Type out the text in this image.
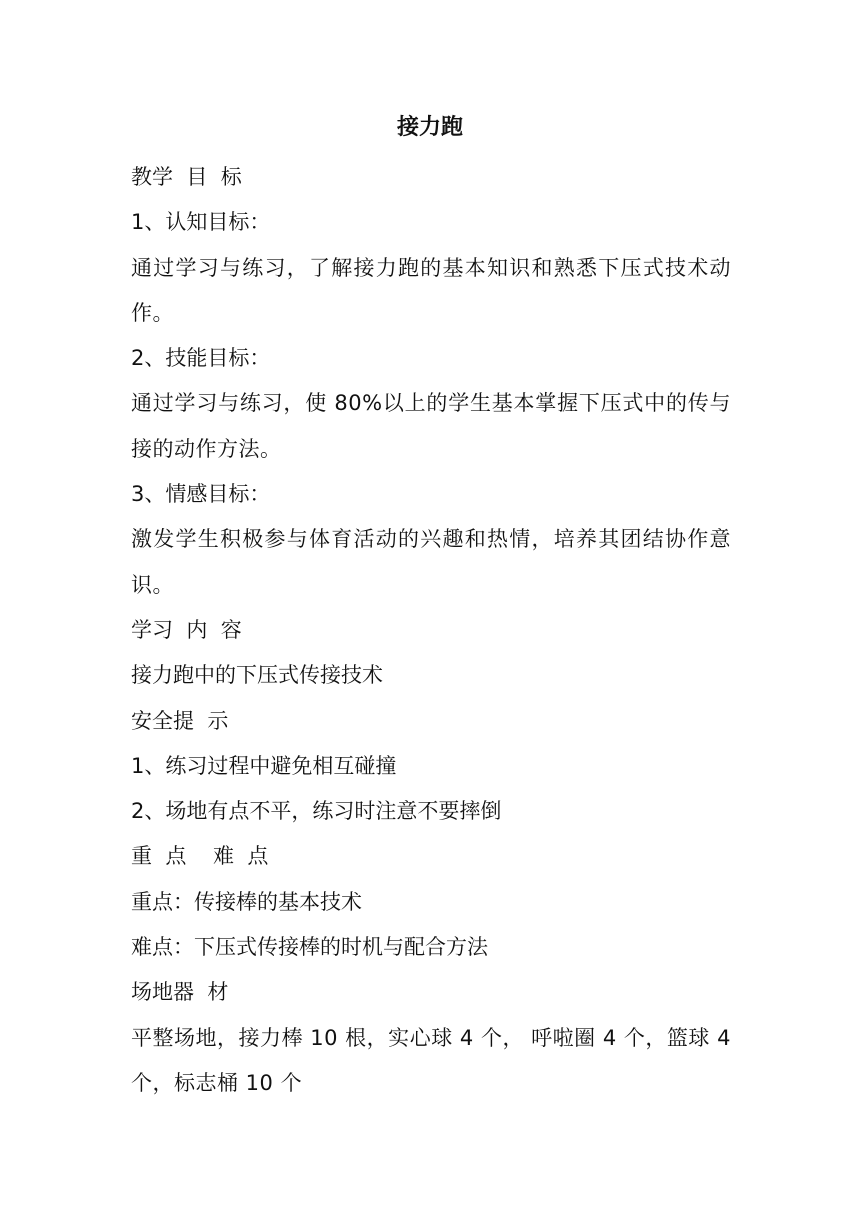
接力跑

教学  目  标

1、认知目标：

通过学习与练习，了解接力跑的基本知识和熟悉下压式技术动作。

2、技能目标：

通过学习与练习，使 80%以上的学生基本掌握下压式中的传与接的动作方法。

3、情感目标：

激发学生积极参与体育活动的兴趣和热情，培养其团结协作意识。

学习  内  容

接力跑中的下压式传接技术

安全提  示

1、练习过程中避免相互碰撞

2、场地有点不平，练习时注意不要摔倒

重  点    难  点

重点：传接棒的基本技术

难点：下压式传接棒的时机与配合方法

场地器  材

平整场地，接力棒 10 根，实心球 4 个， 呼啦圈 4 个，篮球 4 个，标志桶 10 个
